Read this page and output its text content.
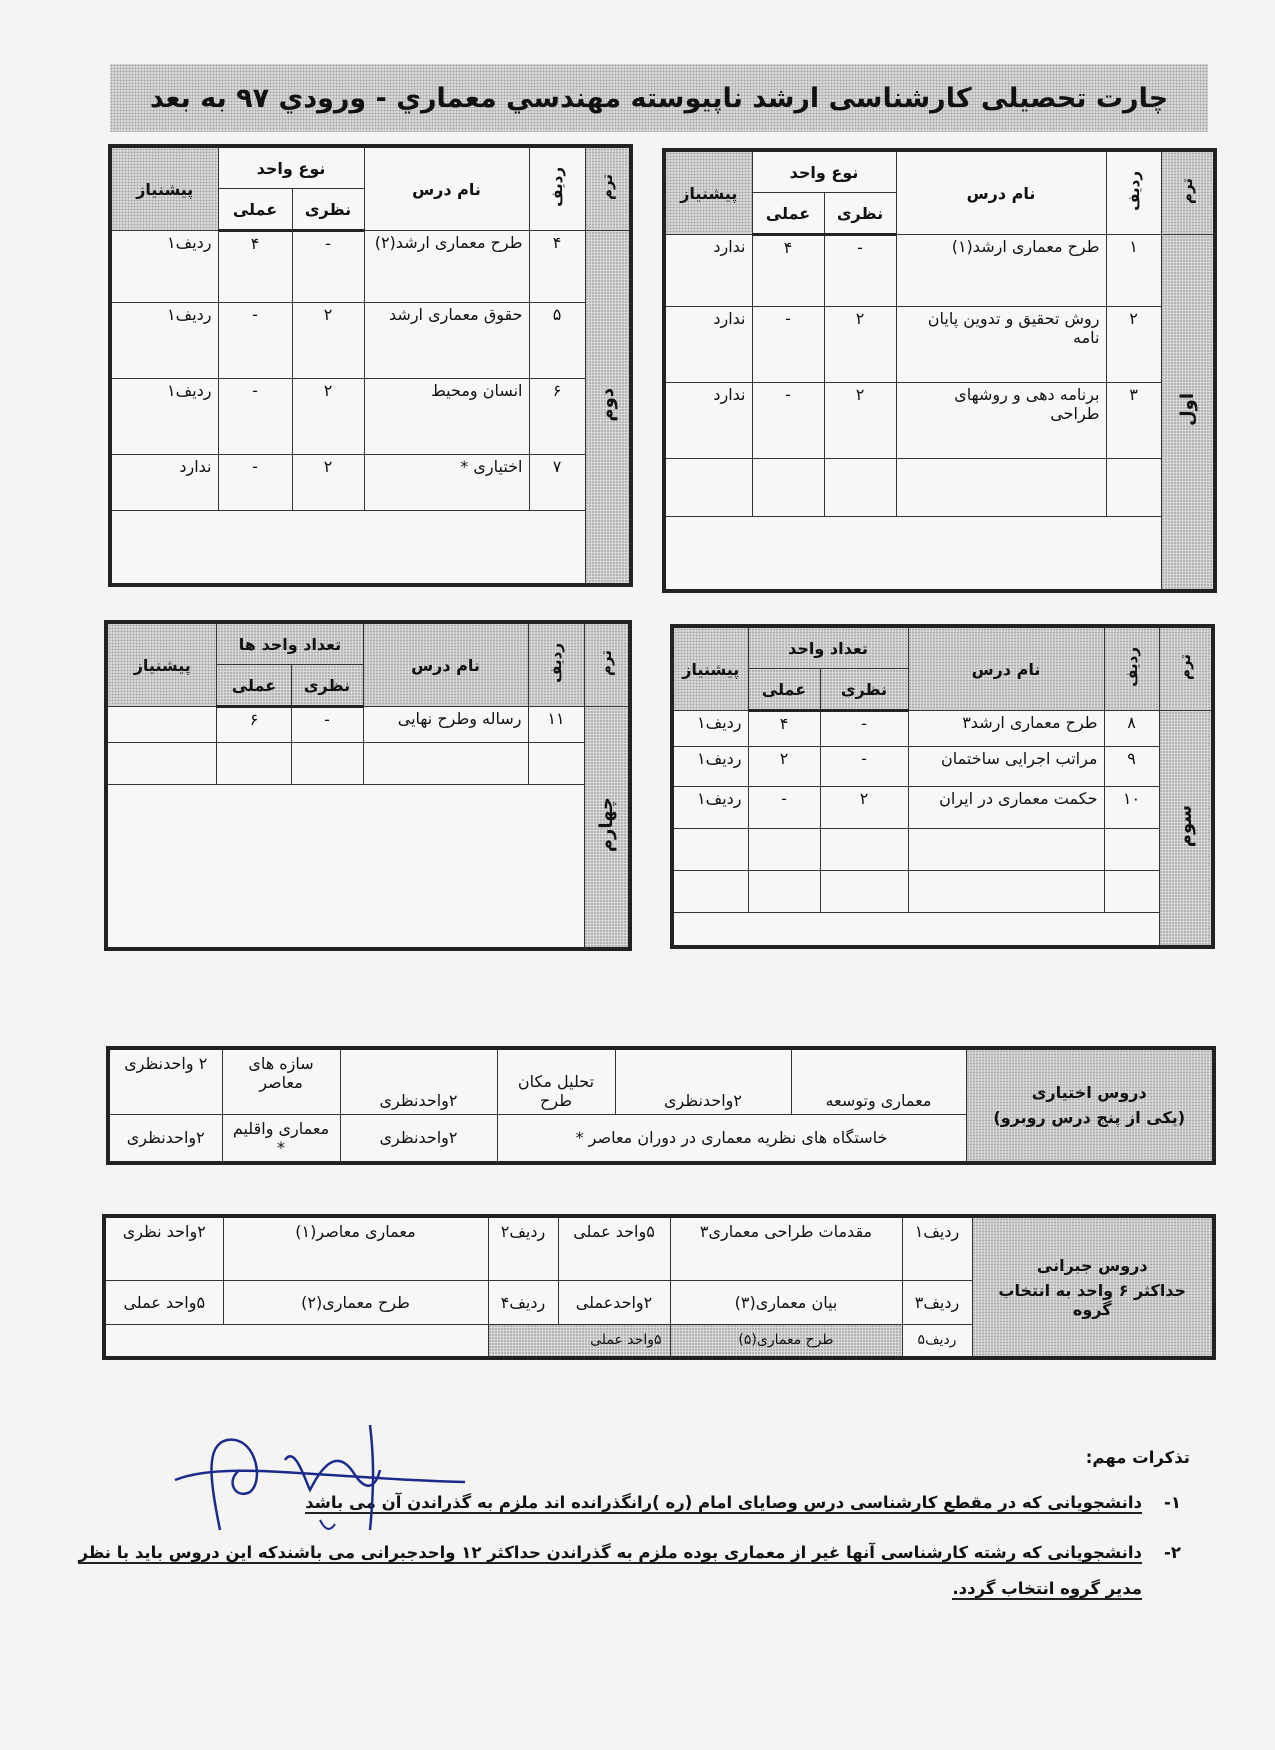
چارت تحصیلی کارشناسی ارشد ناپیوسته مهندسي معماري - ورودي ۹۷ به بعد
ترم	ردیف	نام درس	نوع واحد		پیشنیاز
			نظری	عملی	
اول	۱	طرح معماری ارشد(۱)	-	۴	ندارد
	۲	روش تحقیق و تدوین پایان نامه	۲	-	ندارد
	۳	برنامه دهی و روشهای طراحی	۲	-	ندارد

ترم	ردیف	نام درس	نوع واحد		پیشنیاز
			نظری	عملی	
دوم	۴	طرح معماری ارشد(۲)	-	۴	ردیف۱
	۵	حقوق معماری ارشد	۲	-	ردیف۱
	۶	انسان ومحیط	۲	-	ردیف۱
	۷	اختیاری *	۲	-	ندارد

ترم	ردیف	نام درس	تعداد واحد		پیشنیاز
			نظری	عملی	
سوم	۸	طرح معماری ارشد۳	-	۴	ردیف۱
	۹	مراتب اجرایی ساختمان	-	۲	ردیف۱
	۱۰	حکمت معماری در ایران	۲	-	ردیف۱

ترم	ردیف	نام درس	تعداد واحد ها		پیشنیاز
			نظری	عملی	
چهارم	۱۱	رساله وطرح نهایی	-	۶	

دروس اختیاری
(یکی از پنج درس روبرو)	معماری وتوسعه	۲واحدنظری	تحلیل مکان طرح	۲واحدنظری	سازه های معاصر	۲ واحدنظری
	خاستگاه های نظریه معماری در دوران معاصر *			۲واحدنظری	معماری واقلیم *	۲واحدنظری
دروس جبرانی
حداکثر ۶ واحد به انتخاب گروه	ردیف۱	مقدمات طراحی معماری۳	۵واحد عملی	ردیف۲	معماری معاصر(۱)	۲واحد نظری
	ردیف۳	بیان معماری(۳)	۲واحدعملی	ردیف۴	طرح معماری(۲)	۵واحد عملی
	ردیف۵	طرح معماری(۵)	۵واحد عملی			
تذکرات مهم:
۱-
دانشجویانی که در مقطع کارشناسی درس وصایای امام (ره )رانگذرانده اند ملزم به گذراندن آن می باشد
۲-
دانشجویانی که رشته کارشناسی آنها غیر از معماری بوده ملزم به گذراندن حداکثر ۱۲ واحدجبرانی می باشندکه این دروس باید با نظر مدیر گروه انتخاب گردد.
